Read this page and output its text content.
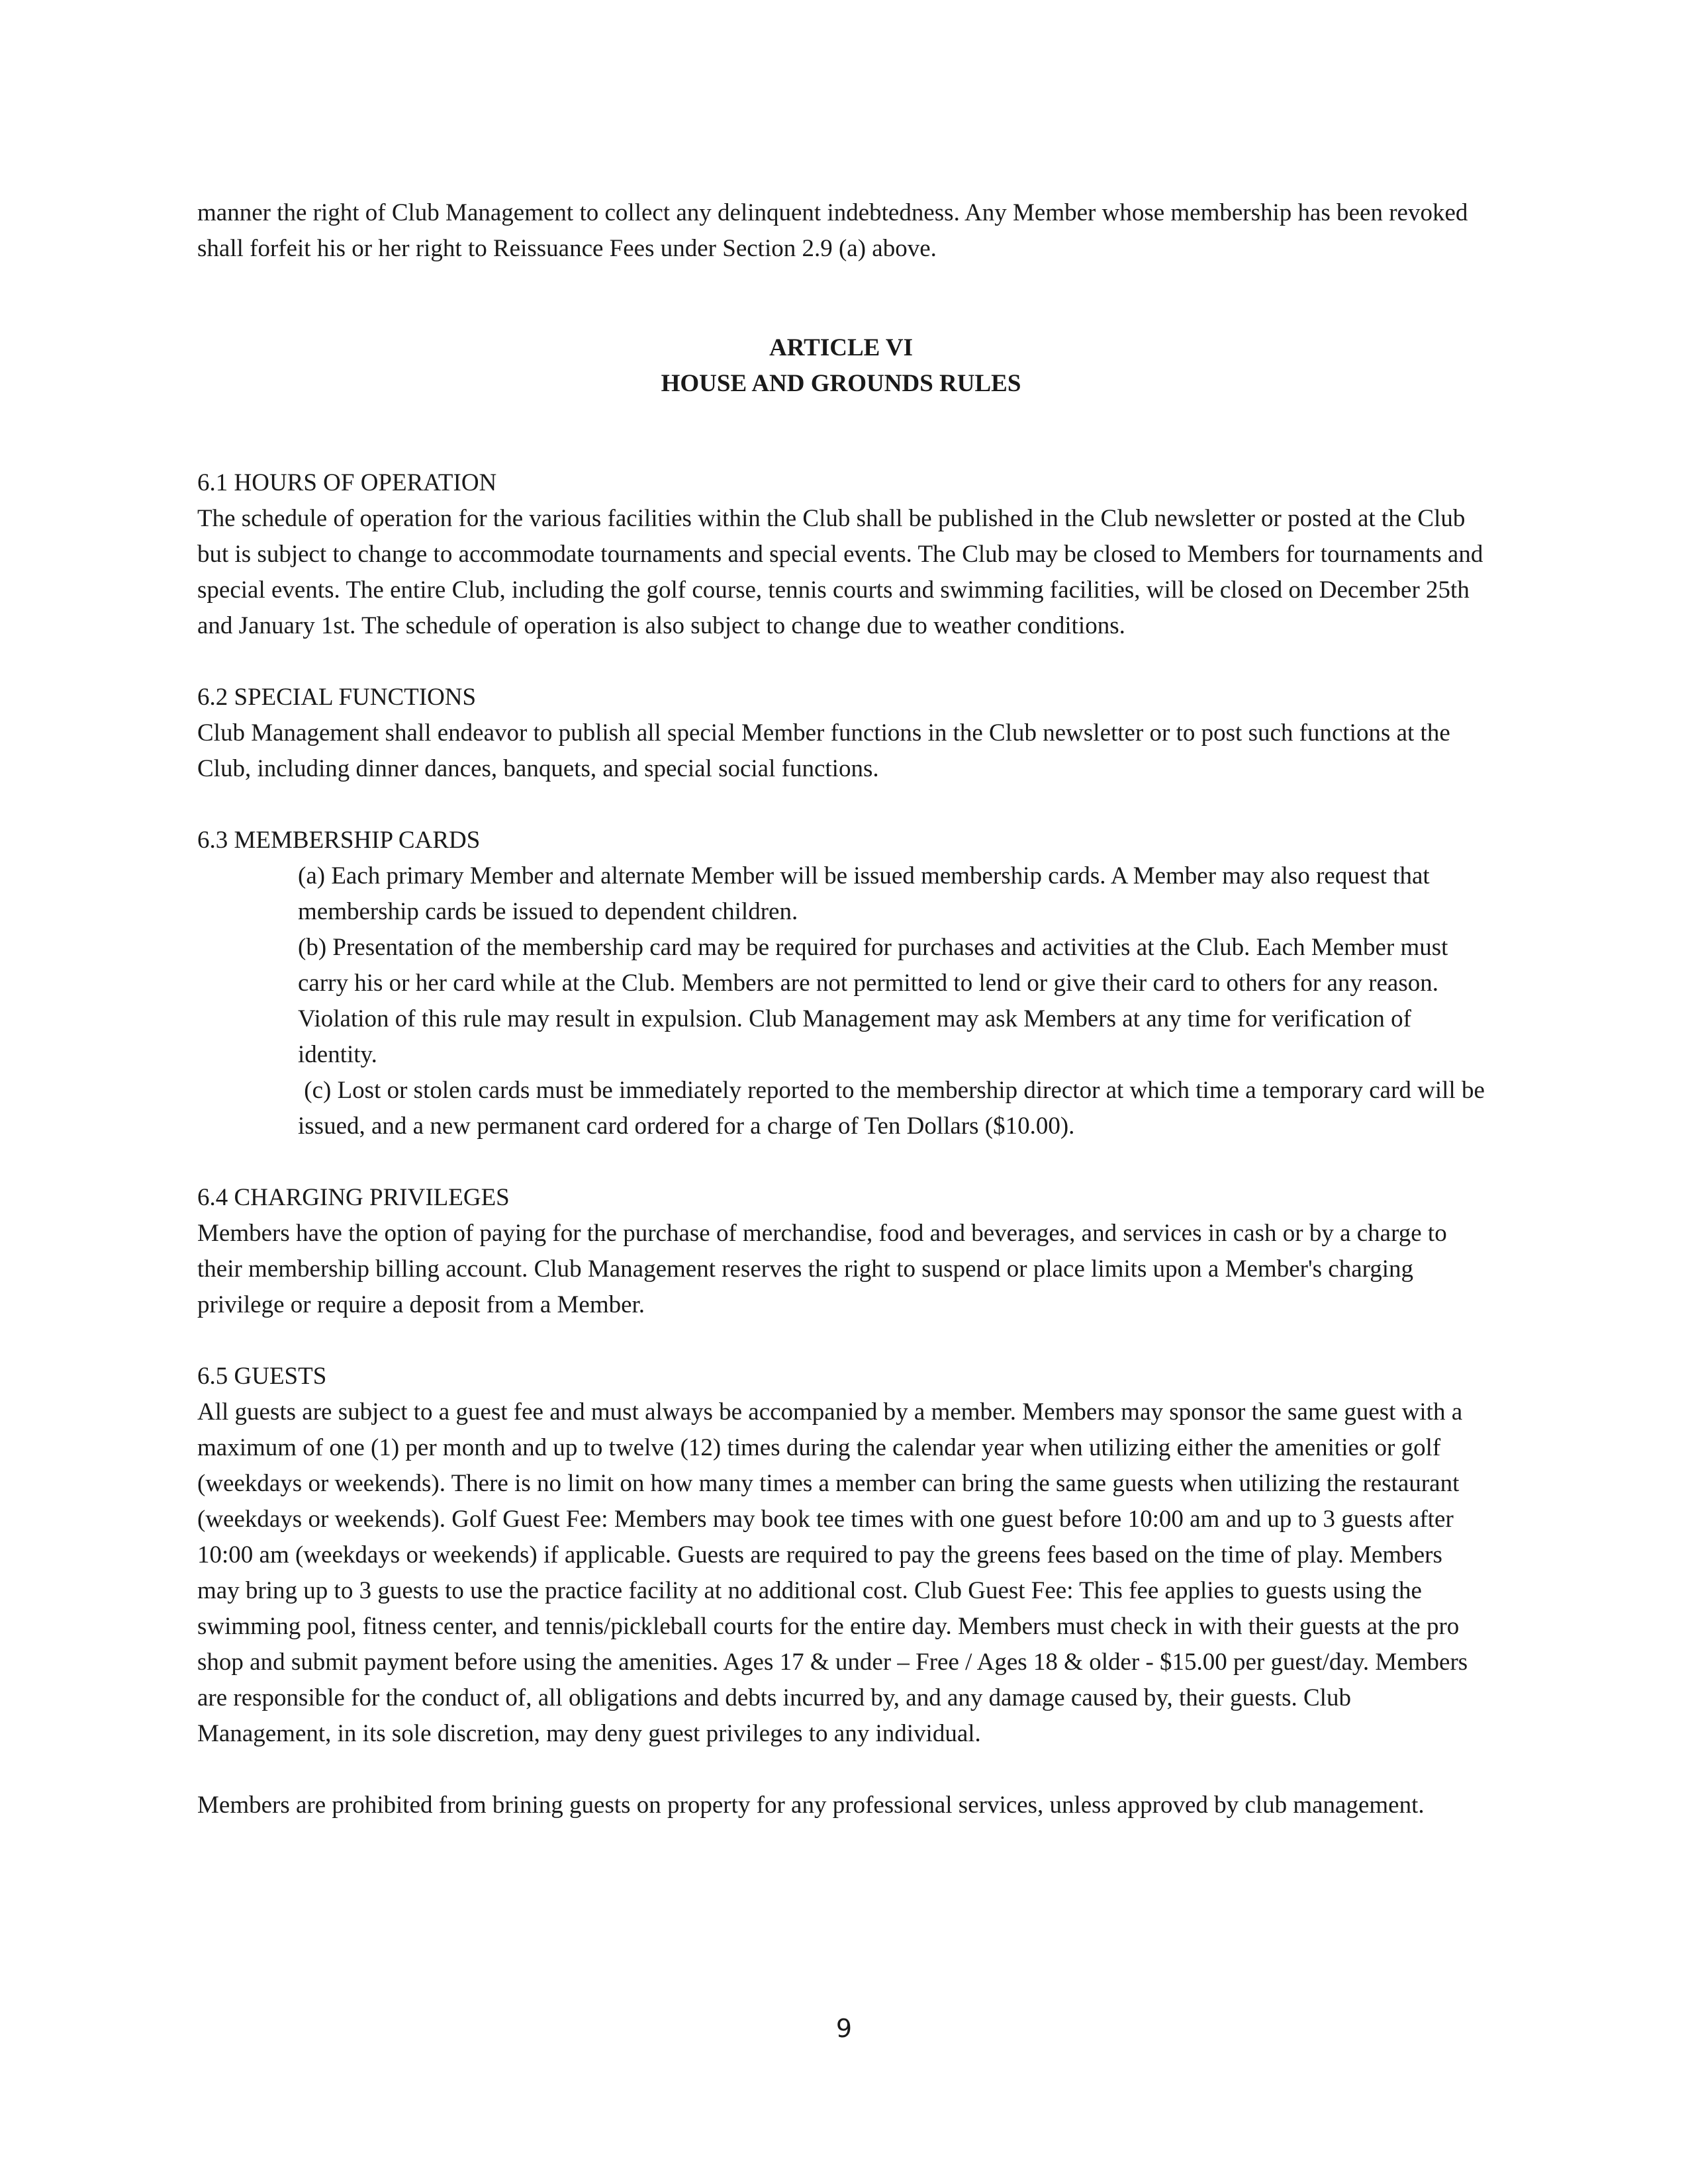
manner the right of Club Management to collect any delinquent indebtedness. Any Member whose membership has been revoked shall forfeit his or her right to Reissuance Fees under Section 2.9 (a) above.

ARTICLE VI
HOUSE AND GROUNDS RULES
6.1 HOURS OF OPERATION

The schedule of operation for the various facilities within the Club shall be published in the Club newsletter or posted at the Club but is subject to change to accommodate tournaments and special events. The Club may be closed to Members for tournaments and special events. The entire Club, including the golf course, tennis courts and swimming facilities, will be closed on December 25th and January 1st. The schedule of operation is also subject to change due to weather conditions.

6.2 SPECIAL FUNCTIONS

Club Management shall endeavor to publish all special Member functions in the Club newsletter or to post such functions at the Club, including dinner dances, banquets, and special social functions.

6.3 MEMBERSHIP CARDS

(a) Each primary Member and alternate Member will be issued membership cards. A Member may also request that membership cards be issued to dependent children.

(b) Presentation of the membership card may be required for purchases and activities at the Club. Each Member must carry his or her card while at the Club. Members are not permitted to lend or give their card to others for any reason. Violation of this rule may result in expulsion. Club Management may ask Members at any time for verification of identity.

(c) Lost or stolen cards must be immediately reported to the membership director at which time a temporary card will be issued, and a new permanent card ordered for a charge of Ten Dollars ($10.00).

6.4 CHARGING PRIVILEGES

Members have the option of paying for the purchase of merchandise, food and beverages, and services in cash or by a charge to their membership billing account. Club Management reserves the right to suspend or place limits upon a Member's charging privilege or require a deposit from a Member.

6.5 GUESTS

All guests are subject to a guest fee and must always be accompanied by a member. Members may sponsor the same guest with a maximum of one (1) per month and up to twelve (12) times during the calendar year when utilizing either the amenities or golf (weekdays or weekends). There is no limit on how many times a member can bring the same guests when utilizing the restaurant (weekdays or weekends). Golf Guest Fee: Members may book tee times with one guest before 10:00 am and up to 3 guests after 10:00 am (weekdays or weekends) if applicable. Guests are required to pay the greens fees based on the time of play. Members may bring up to 3 guests to use the practice facility at no additional cost. Club Guest Fee: This fee applies to guests using the swimming pool, fitness center, and tennis/pickleball courts for the entire day. Members must check in with their guests at the pro shop and submit payment before using the amenities. Ages 17 & under – Free / Ages 18 & older - $15.00 per guest/day. Members are responsible for the conduct of, all obligations and debts incurred by, and any damage caused by, their guests. Club Management, in its sole discretion, may deny guest privileges to any individual.

Members are prohibited from brining guests on property for any professional services, unless approved by club management.

9
